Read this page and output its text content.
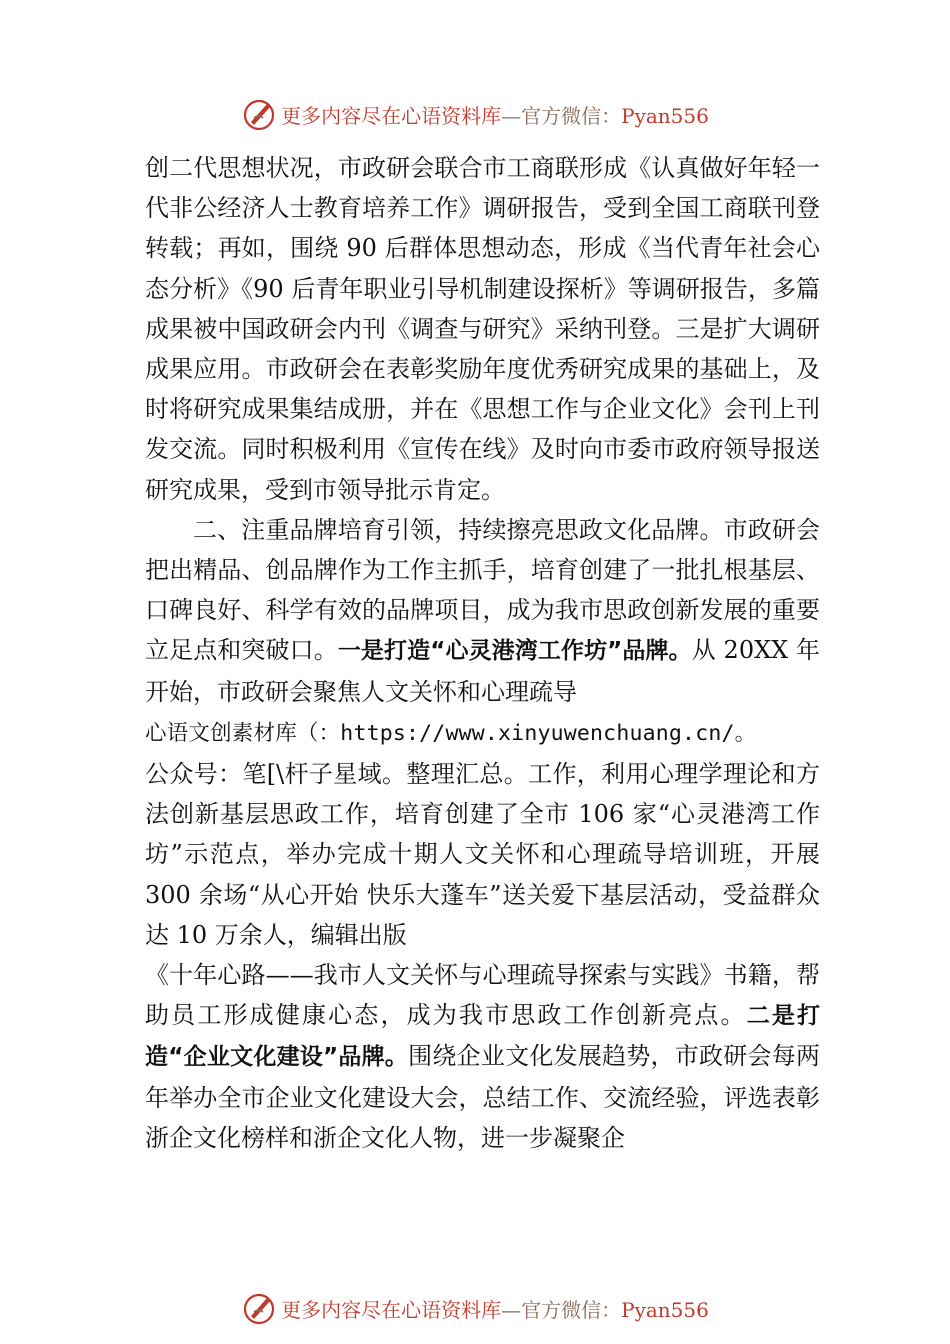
更多内容尽在心语资料库—官方微信：Pyan556

创二代思想状况，市政研会联合市工商联形成《认真做好年轻一代非公经济人士教育培养工作》调研报告，受到全国工商联刊登转载；再如，围绕 90 后群体思想动态，形成《当代青年社会心态分析》《90 后青年职业引导机制建设探析》等调研报告，多篇成果被中国政研会内刊《调查与研究》采纳刊登。三是扩大调研成果应用。市政研会在表彰奖励年度优秀研究成果的基础上，及时将研究成果集结成册，并在《思想工作与企业文化》会刊上刊发交流。同时积极利用《宣传在线》及时向市委市政府领导报送研究成果，受到市领导批示肯定。

二、注重品牌培育引领，持续擦亮思政文化品牌。市政研会把出精品、创品牌作为工作主抓手，培育创建了一批扎根基层、口碑良好、科学有效的品牌项目，成为我市思政创新发展的重要立足点和突破口。一是打造“心灵港湾工作坊”品牌。从 20XX 年开始，市政研会聚焦人文关怀和心理疏导
心语文创素材库（：https://www.xinyuwenchuang.cn/。
公众号：笔[\杆子星域。整理汇总。工作，利用心理学理论和方法创新基层思政工作，培育创建了全市 106 家“心灵港湾工作坊”示范点，举办完成十期人文关怀和心理疏导培训班，开展 300 余场“从心开始 快乐大蓬车”送关爱下基层活动，受益群众达 10 万余人，编辑出版
《十年心路——我市人文关怀与心理疏导探索与实践》书籍，帮助员工形成健康心态，成为我市思政工作创新亮点。二是打造“企业文化建设”品牌。围绕企业文化发展趋势，市政研会每两年举办全市企业文化建设大会，总结工作、交流经验，评选表彰浙企文化榜样和浙企文化人物，进一步凝聚企

更多内容尽在心语资料库—官方微信：Pyan556
